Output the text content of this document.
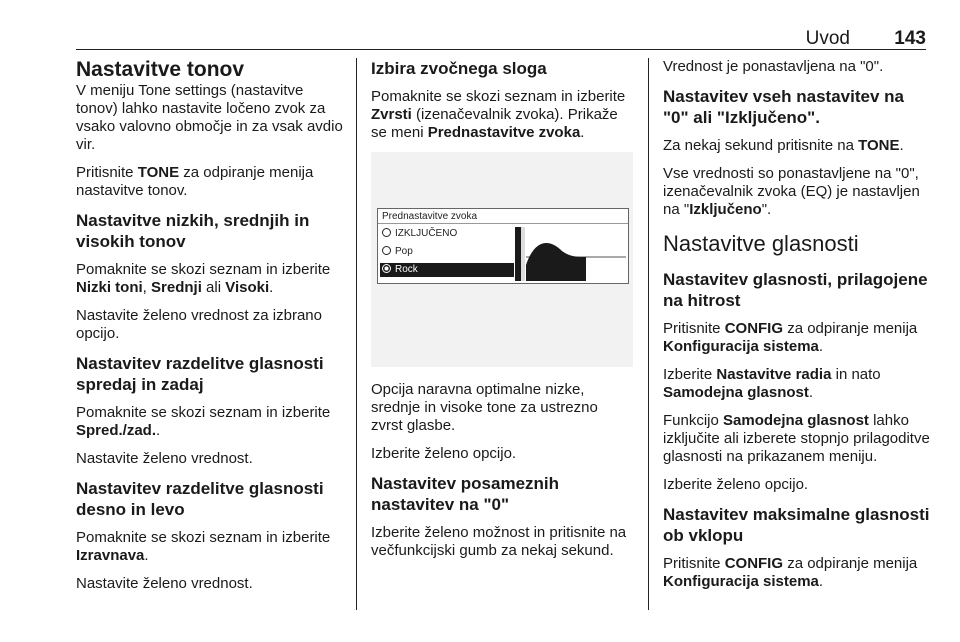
Uvod 143
Nastavitve tonov

V meniju Tone settings (nastavitve tonov) lahko nastavite ločeno zvok za vsako valovno območje in za vsak avdio vir.

Pritisnite TONE za odpiranje menija nastavitve tonov.

Nastavitve nizkih, srednjih in visokih tonov

Pomaknite se skozi seznam in izberite Nizki toni, Srednji ali Visoki.

Nastavite želeno vrednost za izbrano opcijo.

Nastavitev razdelitve glasnosti spredaj in zadaj

Pomaknite se skozi seznam in izberite Spred./zad..

Nastavite želeno vrednost.

Nastavitev razdelitve glasnosti desno in levo

Pomaknite se skozi seznam in izberite Izravnava.

Nastavite želeno vrednost.

Izbira zvočnega sloga

Pomaknite se skozi seznam in izberite Zvrsti (izenačevalnik zvoka). Prikaže se meni Prednastavitve zvoka.

Prednastavitve zvoka
IZKLJUČENO
Pop
Rock

Opcija naravna optimalne nizke, srednje in visoke tone za ustrezno zvrst glasbe.

Izberite želeno opcijo.

Nastavitev posameznih nastavitev na "0"

Izberite želeno možnost in pritisnite na večfunkcijski gumb za nekaj sekund.

Vrednost je ponastavljena na "0".

Nastavitev vseh nastavitev na "0" ali "Izključeno".

Za nekaj sekund pritisnite na TONE.

Vse vrednosti so ponastavljene na "0", izenačevalnik zvoka (EQ) je nastavljen na "Izključeno".

Nastavitve glasnosti
Nastavitev glasnosti, prilagojene na hitrost

Pritisnite CONFIG za odpiranje menija Konfiguracija sistema.

Izberite Nastavitve radia in nato Samodejna glasnost.

Funkcijo Samodejna glasnost lahko izključite ali izberete stopnjo prilagoditve glasnosti na prikazanem meniju.

Izberite želeno opcijo.

Nastavitev maksimalne glasnosti ob vklopu

Pritisnite CONFIG za odpiranje menija Konfiguracija sistema.
